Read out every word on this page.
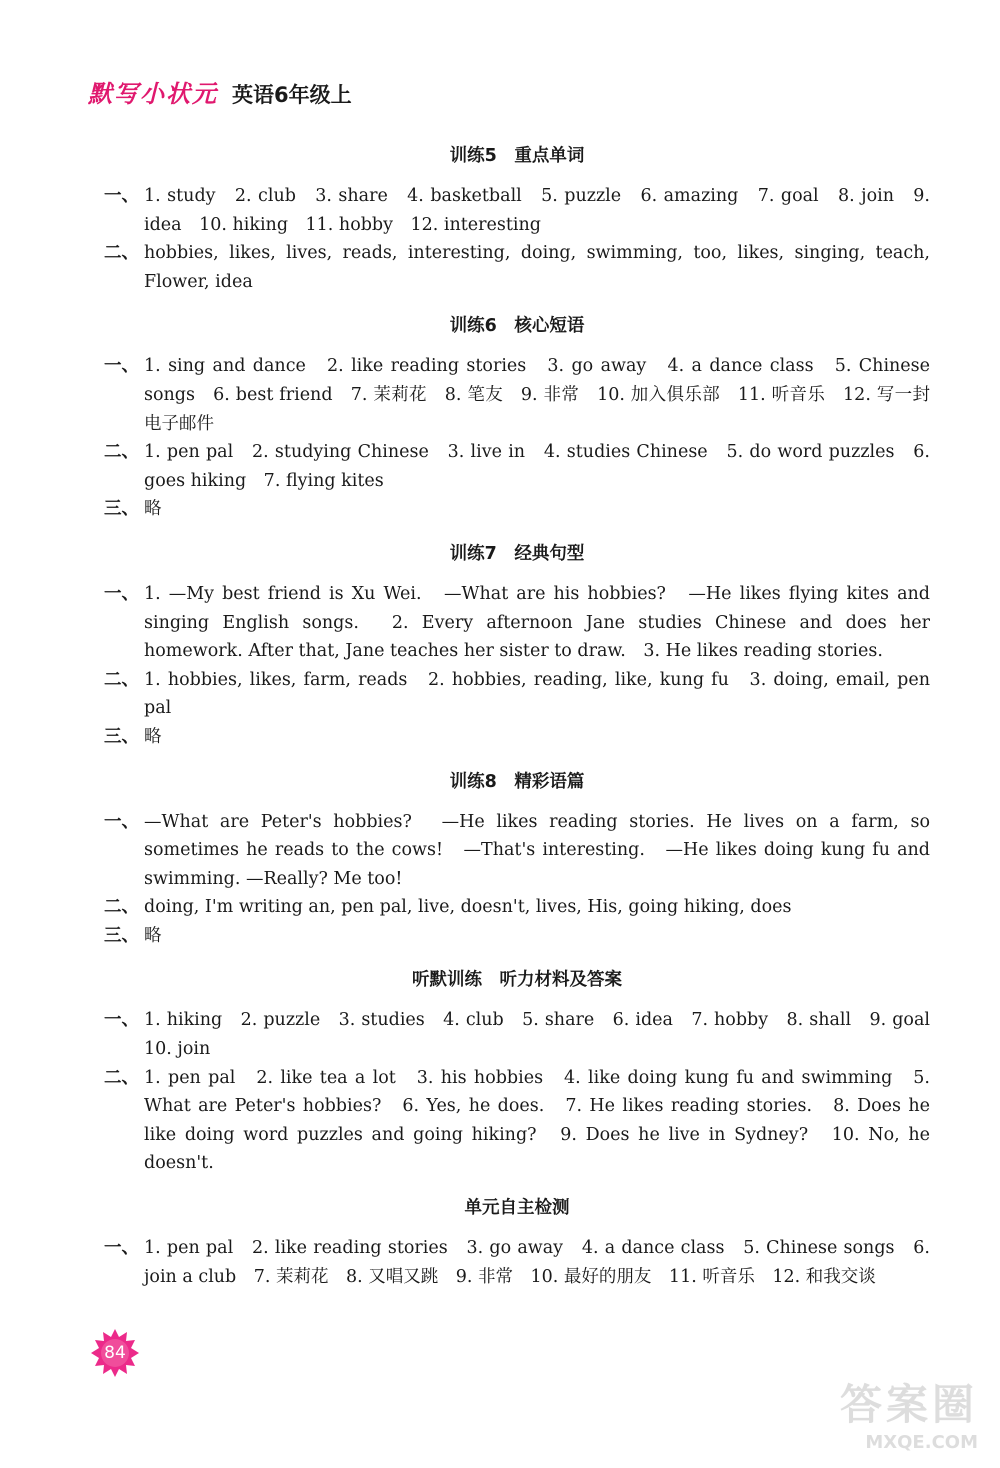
默写小状元 英语6年级上
训练5　重点单词
一、 1. study　2. club　3. share　4. basketball　5. puzzle　6. amazing　7. goal　8. join　9. idea　10. hiking　11. hobby　12. interesting
二、 hobbies, likes, lives, reads, interesting, doing, swimming, too, likes, singing, teach, Flower, idea
训练6　核心短语
一、 1. sing and dance　2. like reading stories　3. go away　4. a dance class　5. Chinese songs　6. best friend　7. 茉莉花　8. 笔友　9. 非常　10. 加入俱乐部　11. 听音乐　12. 写一封电子邮件
二、 1. pen pal　2. studying Chinese　3. live in　4. studies Chinese　5. do word puzzles　6. goes hiking　7. flying kites
三、 略
训练7　经典句型
一、 1. —My best friend is Xu Wei.　—What are his hobbies?　—He likes flying kites and singing English songs.　2. Every afternoon Jane studies Chinese and does her homework. After that, Jane teaches her sister to draw.　3. He likes reading stories.
二、 1. hobbies, likes, farm, reads　2. hobbies, reading, like, kung fu　3. doing, email, pen pal
三、 略
训练8　精彩语篇
一、 —What are Peter's hobbies?　—He likes reading stories. He lives on a farm, so sometimes he reads to the cows!　—That's interesting.　—He likes doing kung fu and swimming. —Really? Me too!
二、 doing, I'm writing an, pen pal, live, doesn't, lives, His, going hiking, does
三、 略
听默训练　听力材料及答案
一、 1. hiking　2. puzzle　3. studies　4. club　5. share　6. idea　7. hobby　8. shall　9. goal　10. join
二、 1. pen pal　2. like tea a lot　3. his hobbies　4. like doing kung fu and swimming　5. What are Peter's hobbies?　6. Yes, he does.　7. He likes reading stories.　8. Does he like doing word puzzles and going hiking?　9. Does he live in Sydney?　10. No, he doesn't.
单元自主检测
一、 1. pen pal　2. like reading stories　3. go away　4. a dance class　5. Chinese songs　6. join a club　7. 茉莉花　8. 又唱又跳　9. 非常　10. 最好的朋友　11. 听音乐　12. 和我交谈
84
答案圈
MXQE.COM
